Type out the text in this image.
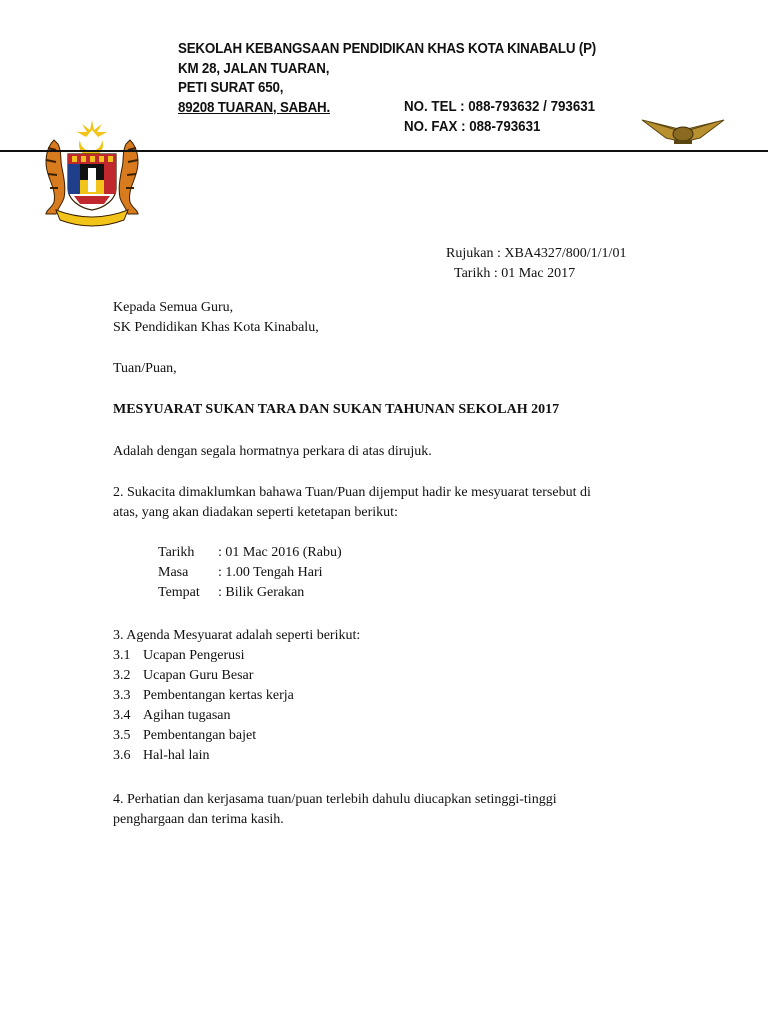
SEKOLAH KEBANGSAAN PENDIDIKAN KHAS KOTA KINABALU (P)
KM 28, JALAN TUARAN,
PETI SURAT 650,
89208 TUARAN, SABAH.	NO. TEL : 088-793632 / 793631
NO. FAX : 088-793631
Rujukan : XBA4327/800/1/1/01
Tarikh : 01 Mac 2017
Kepada Semua Guru,
SK Pendidikan Khas Kota Kinabalu,
Tuan/Puan,
MESYUARAT SUKAN TARA DAN SUKAN TAHUNAN SEKOLAH 2017
Adalah dengan segala hormatnya perkara di atas dirujuk.
2. Sukacita dimaklumkan bahawa Tuan/Puan dijemput hadir ke mesyuarat tersebut di
atas, yang akan diadakan seperti ketetapan berikut:
Tarikh : 01 Mac 2016 (Rabu)
Masa : 1.00 Tengah Hari
Tempat : Bilik Gerakan
3. Agenda Mesyuarat adalah seperti berikut:
3.1 Ucapan Pengerusi
3.2 Ucapan Guru Besar
3.3 Pembentangan kertas kerja
3.4 Agihan tugasan
3.5 Pembentangan bajet
3.6 Hal-hal lain
4. Perhatian dan kerjasama tuan/puan terlebih dahulu diucapkan setinggi-tinggi
penghargaan dan terima kasih.
